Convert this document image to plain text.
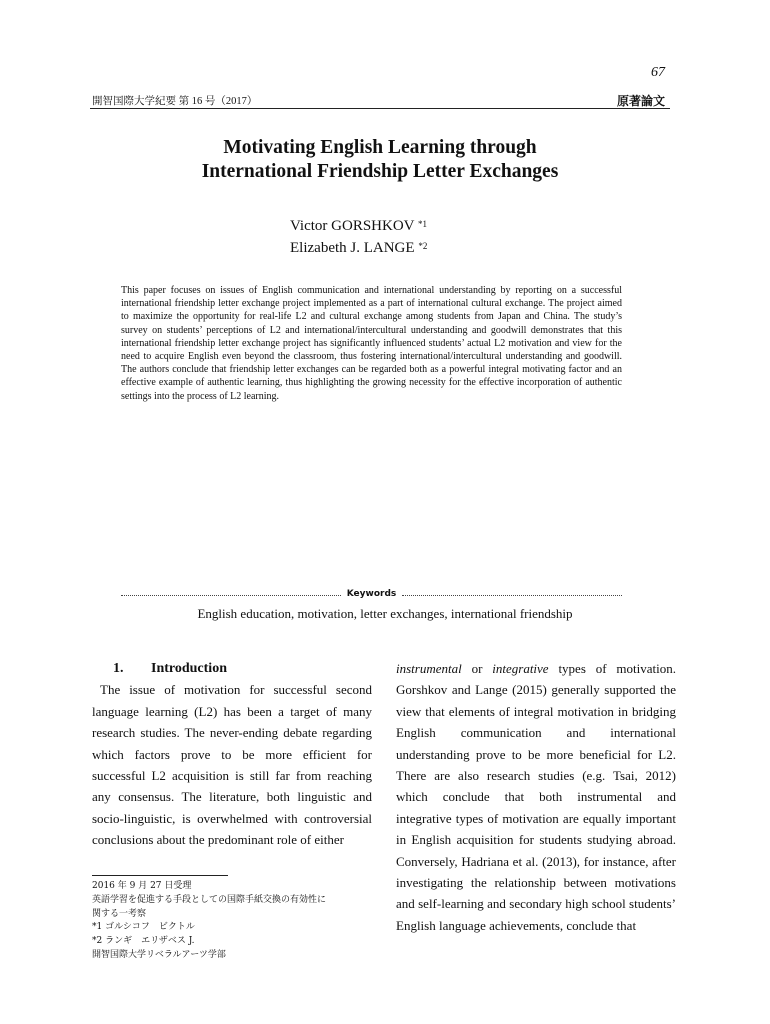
67
開智国際大学紀要 第 16 号（2017）	原著論文
Motivating English Learning through
International Friendship Letter Exchanges
Victor GORSHKOV $^{*1}$
Elizabeth J. LANGE $^{*2}$

This paper focuses on issues of English communication and international understanding by reporting on a successful international friendship letter exchange project implemented as a part of international cultural exchange. The project aimed to maximize the opportunity for real-life L2 and cultural exchange among students from Japan and China. The study’s survey on students’ perceptions of L2 and international/intercultural understanding and goodwill demonstrates that this international friendship letter exchange project has significantly influenced students’ actual L2 motivation and view for the need to acquire English even beyond the classroom, thus fostering international/intercultural understanding and goodwill. The authors conclude that friendship letter exchanges can be regarded both as a powerful integral motivating factor and an effective example of authentic learning, thus highlighting the growing necessity for the effective incorporation of authentic settings into the process of L2 learning.

Keywords
English education, motivation, letter exchanges, international friendship
1. Introduction

The issue of motivation for successful second language learning (L2) has been a target of many research studies. The never-ending debate regarding which factors prove to be more efficient for successful L2 acquisition is still far from reaching any consensus. The literature, both linguistic and socio-linguistic, is overwhelmed with controversial conclusions about the predominant role of either

instrumental or integrative types of motivation. Gorshkov and Lange (2015) generally supported the view that elements of integral motivation in bridging English communication and international understanding prove to be more beneficial for L2. There are also research studies (e.g. Tsai, 2012) which conclude that both instrumental and integrative types of motivation are equally important in English acquisition for students studying abroad. Conversely, Hadriana et al. (2013), for instance, after investigating the relationship between motivations and self-learning and secondary high school students’ English language achievements, conclude that

2016 年 9 月 27 日受理
英語学習を促進する手段としての国際手紙交換の有効性に
関する一考察
*1 ゴルシコフ　ビクトル
*2 ランギ　エリザベス J.
開智国際大学リベラルアーツ学部
